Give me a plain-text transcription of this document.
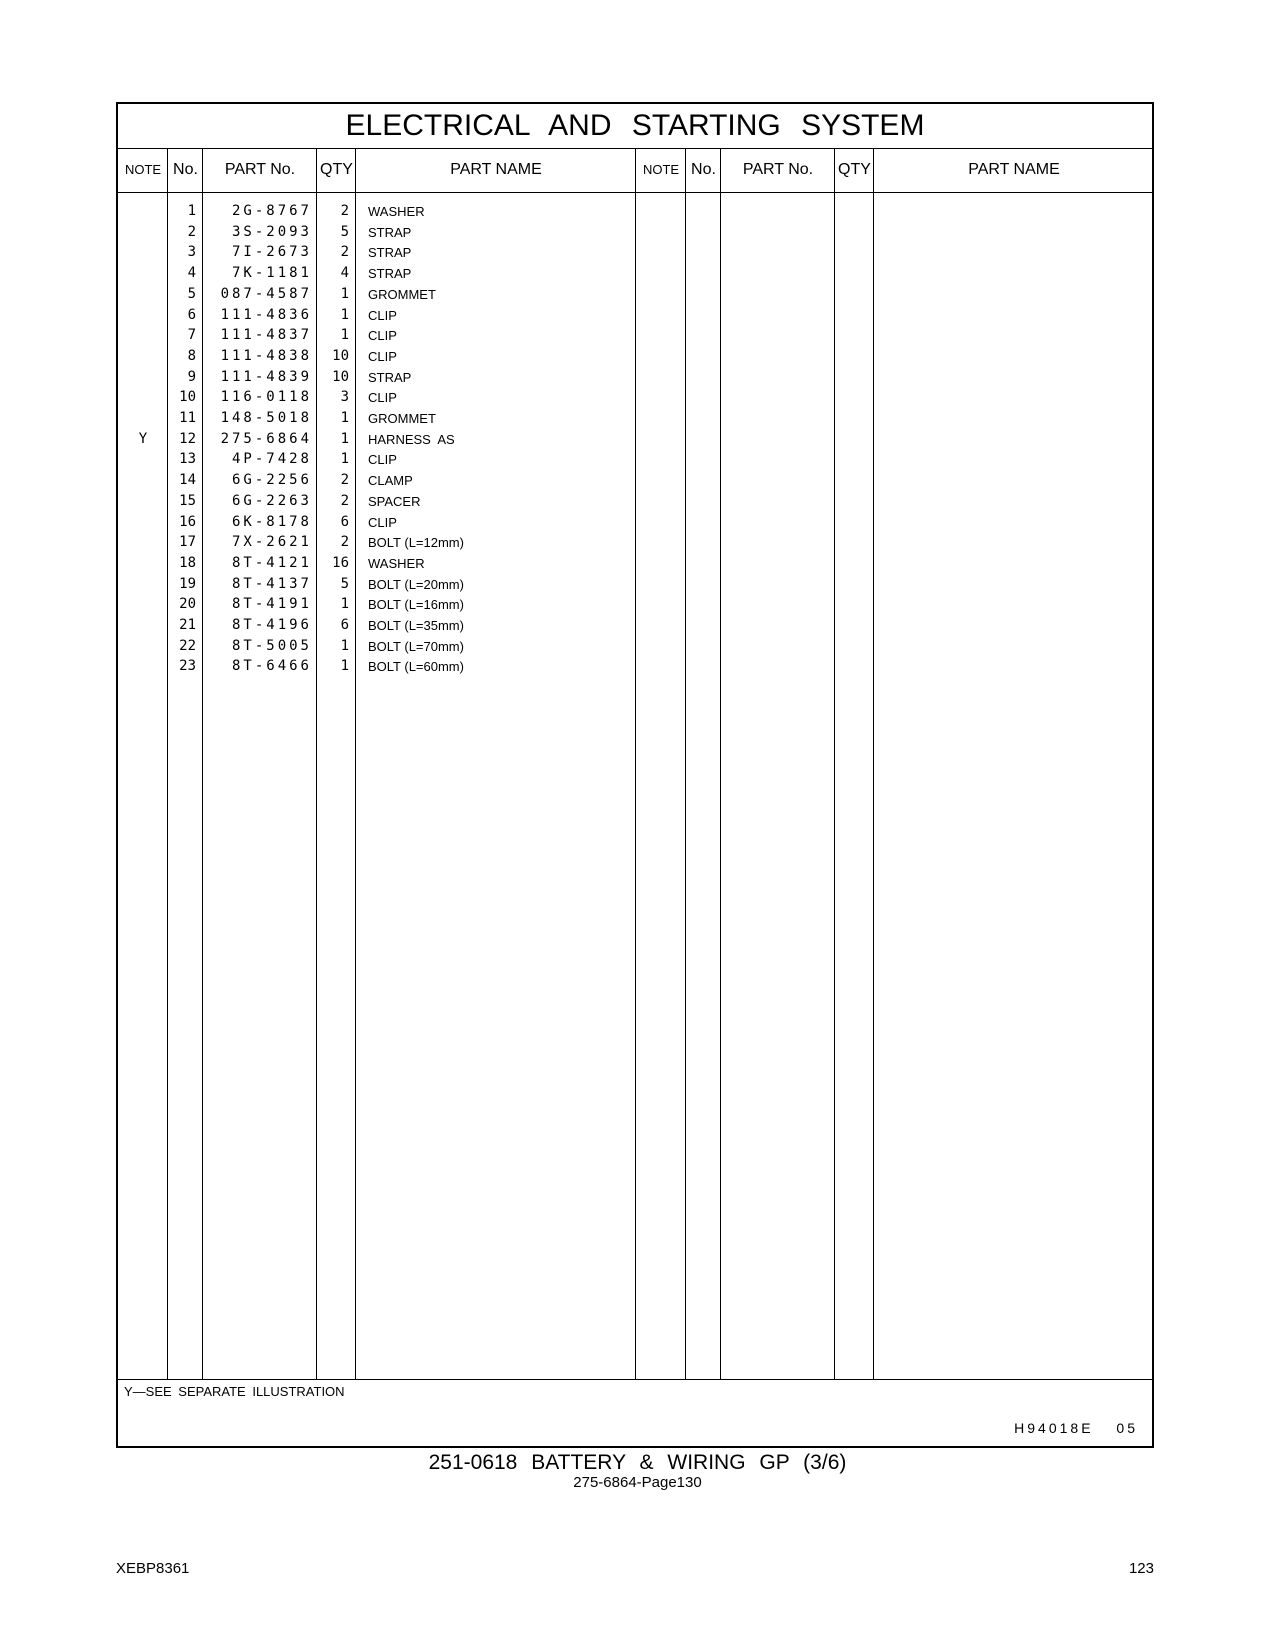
ELECTRICAL AND STARTING SYSTEM
NOTE No.	PART No.	QTY	PART NAME	NOTE No.	PART No.	QTY	PART NAME
1	2G-8767	2 WASHER
2	3S-2093	5 STRAP
3	7I-2673	2 STRAP
4	7K-1181	4 STRAP
5	087-4587	1 GROMMET
6	111-4836	1 CLIP
7	111-4837	1 CLIP
8	111-4838	10 CLIP
9	111-4839	10 STRAP
10	116-0118	3 CLIP
11	148-5018	1 GROMMET
Y	12	275-6864	1 HARNESS  AS
13	4P-7428	1 CLIP
14	6G-2256	2 CLAMP
15	6G-2263	2 SPACER
16	6K-8178	6 CLIP
17	7X-2621	2 BOLT (L=12mm)
18	8T-4121	16 WASHER
19	8T-4137	5 BOLT (L=20mm)
20	8T-4191	1 BOLT (L=16mm)
21	8T-4196	6 BOLT (L=35mm)
22	8T-5005	1 BOLT (L=70mm)
23	8T-6466	1 BOLT (L=60mm)
Y—SEE SEPARATE ILLUSTRATION
H94018E 05
251-0618 BATTERY & WIRING GP (3/6)
275-6864-Page130
XEBP8361	123
